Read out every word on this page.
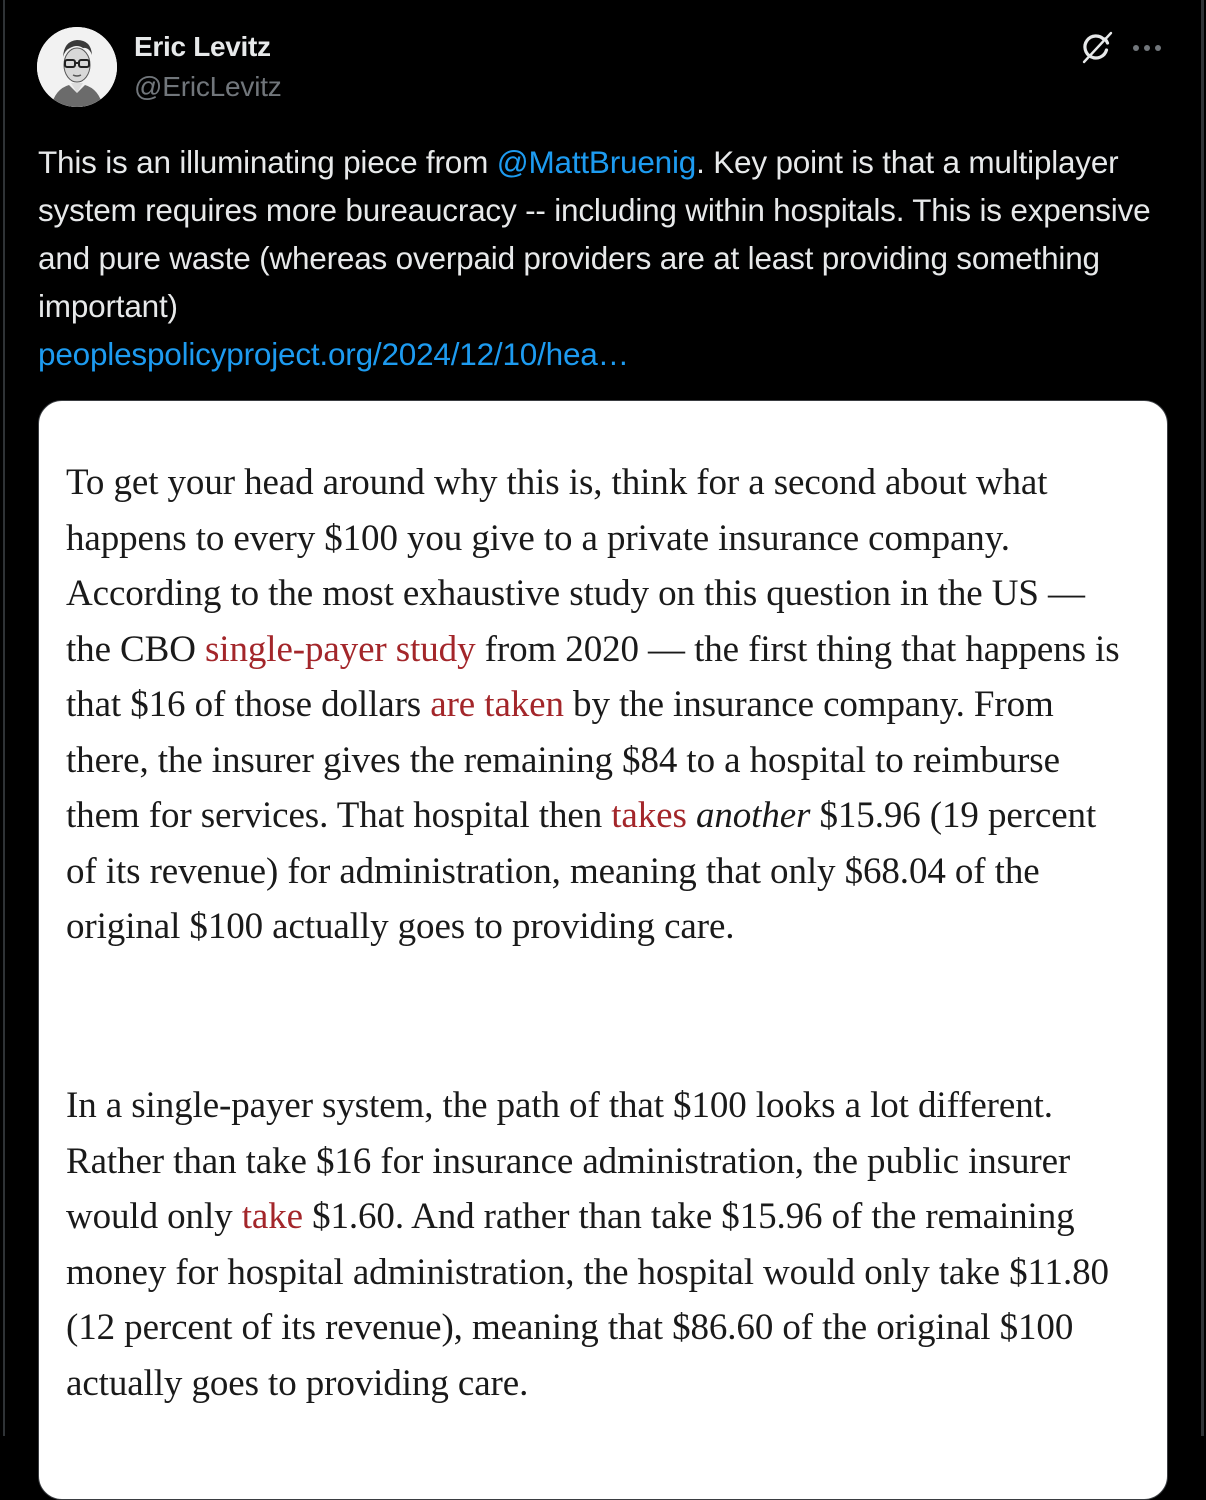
Eric Levitz
@EricLevitz
This is an illuminating piece from @MattBruenig. Key point is that a multiplayer system requires more bureaucracy -- including within hospitals. This is expensive and pure waste (whereas overpaid providers are at least providing something important)
peoplespolicyproject.org/2024/12/10/hea…

To get your head around why this is, think for a second about what happens to every $100 you give to a private insurance company. According to the most exhaustive study on this question in the US — the CBO single-payer study from 2020 — the first thing that happens is that $16 of those dollars are taken by the insurance company. From there, the insurer gives the remaining $84 to a hospital to reimburse them for services. That hospital then takes another $15.96 (19 percent of its revenue) for administration, meaning that only $68.04 of the original $100 actually goes to providing care.

In a single-payer system, the path of that $100 looks a lot different. Rather than take $16 for insurance administration, the public insurer would only take $1.60. And rather than take $15.96 of the remaining money for hospital administration, the hospital would only take $11.80 (12 percent of its revenue), meaning that $86.60 of the original $100 actually goes to providing care.
